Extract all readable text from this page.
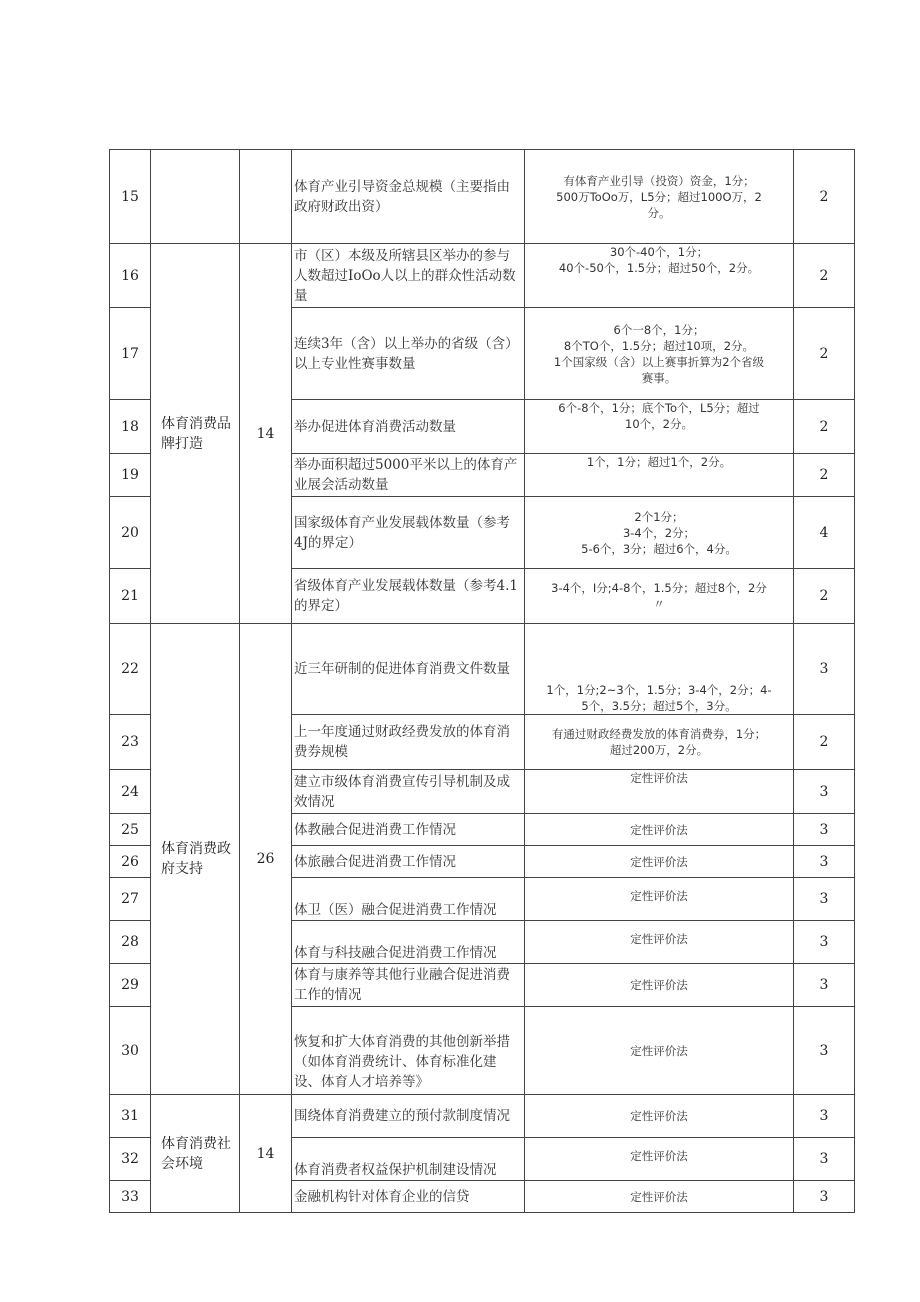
15			体育产业引导资金总规模（主要指由政府财政出资）	有体育产业引导（投资）资金，1分；
500万ToOo万，L5分；超过100O万，2
分。	2
16	体育消费品牌打造	14	市（区）本级及所辖县区举办的参与人数超过IoOo人以上的群众性活动数量	30个-40个，1分；
40个-50个，1.5分；超过50个，2分。	2
17			连续3年（含）以上举办的省级（含）以上专业性赛事数量	6个一8个，1分；
8个TO个，1.5分；超过10项，2分。
1个国家级（含）以上赛事折算为2个省级
赛事。	2
18			举办促进体育消费活动数量	6个-8个，1分；底个To个，L5分；超过
10个，2分。	2
19			举办面积超过5000平米以上的体育产业展会活动数量	1个，1分；超过1个，2分。	2
20			国家级体育产业发展载体数量（参考4J的界定）	2个1分；
3-4个，2分；
5-6个，3分；超过6个，4分。	4
21			省级体育产业发展载体数量（参考4.1的界定）	3-4个，I分;4-8个，1.5分；超过8个，2分
〃	2
22	体育消费政府支持	26	近三年研制的促进体育消费文件数量	1个，1分;2~3个，1.5分；3-4个，2分；4-
5个，3.5分；超过5个，3分。	3
23			上一年度通过财政经费发放的体育消费券规模	有通过财政经费发放的体育消费券，1分；
超过200万，2分。	2
24			建立市级体育消费宣传引导机制及成效情况	定性评价法	3
25			体教融合促进消费工作情况	定性评价法	3
26			体旅融合促进消费工作情况	定性评价法	3
27			体卫（医）融合促进消费工作情况	定性评价法	3
28			体育与科技融合促进消费工作情况	定性评价法	3
29			体育与康养等其他行业融合促进消费工作的情况	定性评价法	3
30			恢复和扩大体育消费的其他创新举措（如体育消费统计、体育标准化建设、体育人才培养等》	定性评价法	3
31	体育消费社会环境	14	围绕体育消费建立的预付款制度情况	定性评价法	3
32			体育消费者权益保护机制建设情况	定性评价法	3
33			金融机构针对体育企业的信贷	定性评价法	3
